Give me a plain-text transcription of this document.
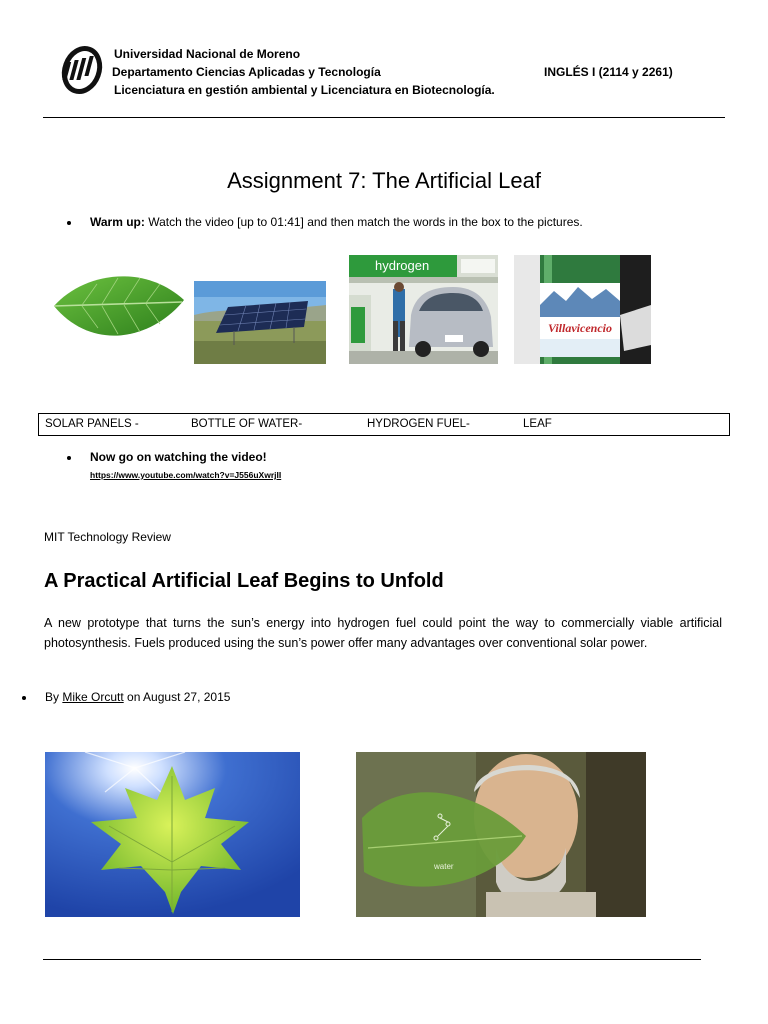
Universidad Nacional de Moreno
Departamento Ciencias Aplicadas y Tecnología
Licenciatura en gestión ambiental y Licenciatura en Biotecnología.
INGLÉS I (2114 y 2261)
Assignment 7: The Artificial Leaf
Warm up: Watch the video [up to 01:41] and then match the words in the box to the pictures.
hydrogen
Villavicencio
SOLAR PANELS -	BOTTLE OF WATER-	HYDROGEN FUEL-	LEAF
Now go on watching the video!
https://www.youtube.com/watch?v=J556uXwrjII
MIT Technology Review
A Practical Artificial Leaf Begins to Unfold
A new prototype that turns the sun’s energy into hydrogen fuel could point the way to commercially viable artificial photosynthesis. Fuels produced using the sun’s power offer many advantages over conventional solar power.
By Mike Orcutt on August 27, 2015
water
